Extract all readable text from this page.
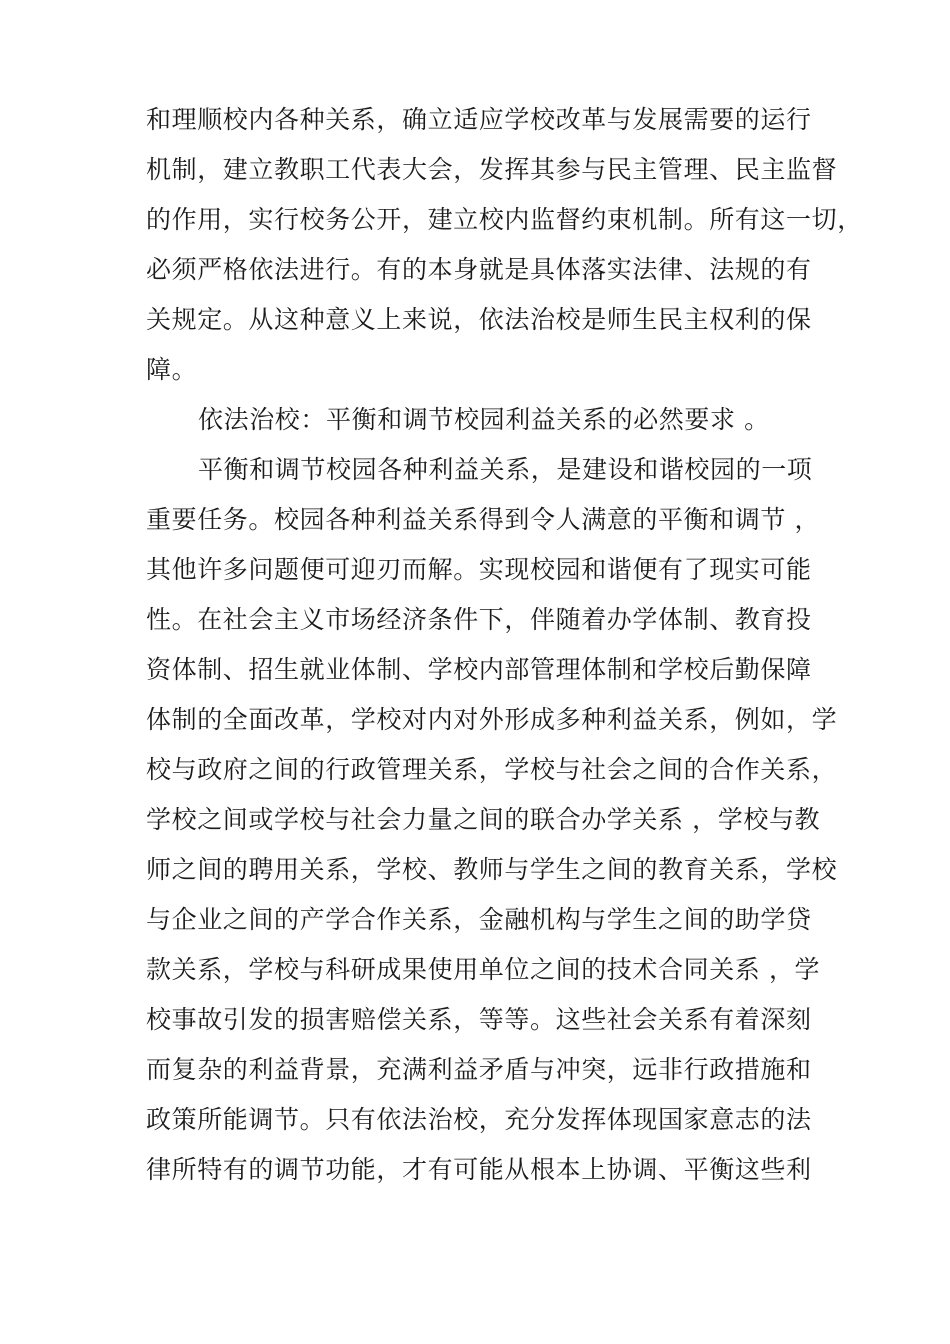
和理顺校内各种关系，确立适应学校改革与发展需要的运行
机制，建立教职工代表大会，发挥其参与民主管理、民主监督
的作用，实行校务公开，建立校内监督约束机制。所有这一切，
必须严格依法进行。有的本身就是具体落实法律、法规的有
关规定。从这种意义上来说，依法治校是师生民主权利的保
障。
依法治校：平衡和调节校园利益关系的必然要求 。
平衡和调节校园各种利益关系，是建设和谐校园的一项
重要任务。校园各种利益关系得到令人满意的平衡和调节 ，
其他许多问题便可迎刃而解。实现校园和谐便有了现实可能
性。在社会主义市场经济条件下，伴随着办学体制、教育投
资体制、招生就业体制、学校内部管理体制和学校后勤保障
体制的全面改革，学校对内对外形成多种利益关系，例如，学
校与政府之间的行政管理关系，学校与社会之间的合作关系，
学校之间或学校与社会力量之间的联合办学关系 ，学校与教
师之间的聘用关系，学校、教师与学生之间的教育关系，学校
与企业之间的产学合作关系，金融机构与学生之间的助学贷
款关系，学校与科研成果使用单位之间的技术合同关系 ，学
校事故引发的损害赔偿关系，等等。这些社会关系有着深刻
而复杂的利益背景，充满利益矛盾与冲突，远非行政措施和
政策所能调节。只有依法治校，充分发挥体现国家意志的法
律所特有的调节功能，才有可能从根本上协调、平衡这些利
